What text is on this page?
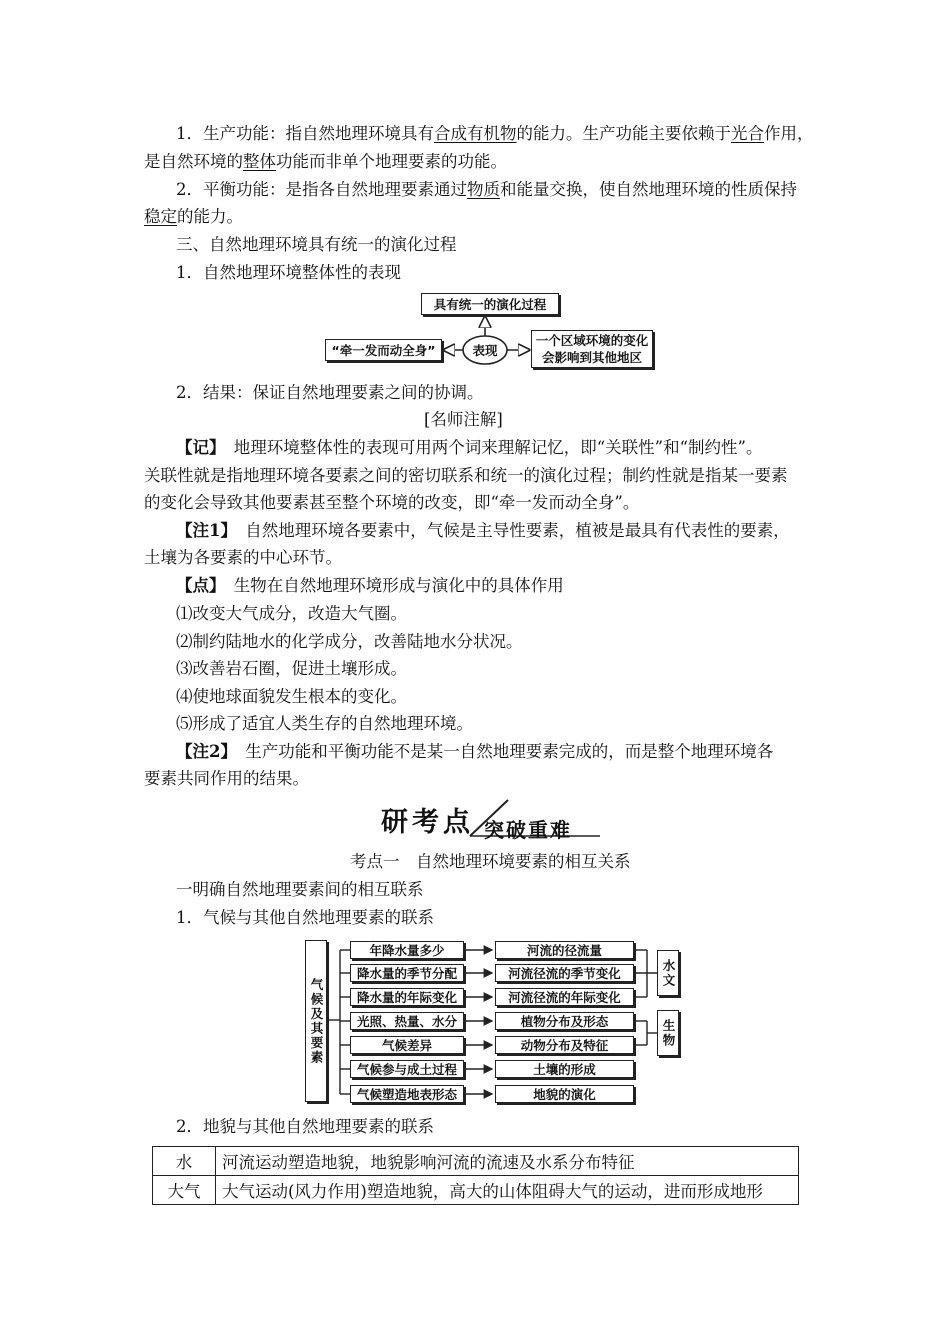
1．生产功能：指自然地理环境具有合成有机物的能力。生产功能主要依赖于光合作用，
是自然环境的整体功能而非单个地理要素的功能。
2．平衡功能：是指各自然地理要素通过物质和能量交换，使自然地理环境的性质保持
稳定的能力。
三、自然地理环境具有统一的演化过程
1．自然地理环境整体性的表现
具有统一的演化过程
表现
“牵一发而动全身”
一个区域环境的变化
会影响到其他地区
2．结果：保证自然地理要素之间的协调。
[名师注解]
【记】　 地理环境整体性的表现可用两个词来理解记忆，即“关联性”和“制约性”。
关联性就是指地理环境各要素之间的密切联系和统一的演化过程；制约性就是指某一要素
的变化会导致其他要素甚至整个环境的改变，即“牵一发而动全身”。
【注1】　 自然地理环境各要素中，气候是主导性要素，植被是最具有代表性的要素，
土壤为各要素的中心环节。
【点】　 生物在自然地理环境形成与演化中的具体作用
⑴改变大气成分，改造大气圈。
⑵制约陆地水的化学成分，改善陆地水分状况。
⑶改善岩石圈，促进土壤形成。
⑷使地球面貌发生根本的变化。
⑸形成了适宜人类生存的自然地理环境。
【注2】　 生产功能和平衡功能不是某一自然地理要素完成的，而是整个地理环境各
要素共同作用的结果。
研考点 突破重难
考点一　自然地理环境要素的相互关系
一明确自然地理要素间的相互联系
1．气候与其他自然地理要素的联系
气候及其要素
年降水量多少
降水量的季节分配
降水量的年际变化
光照、热量、水分
气候差异
气候参与成土过程
气候塑造地表形态
河流的径流量
河流径流的季节变化
河流径流的年际变化
植物分布及形态
动物分布及特征
土壤的形成
地貌的演化
水文
生物
2．地貌与其他自然地理要素的联系
水	河流运动塑造地貌，地貌影响河流的流速及水系分布特征
大气	大气运动(风力作用)塑造地貌，高大的山体阻碍大气的运动，进而形成地形
